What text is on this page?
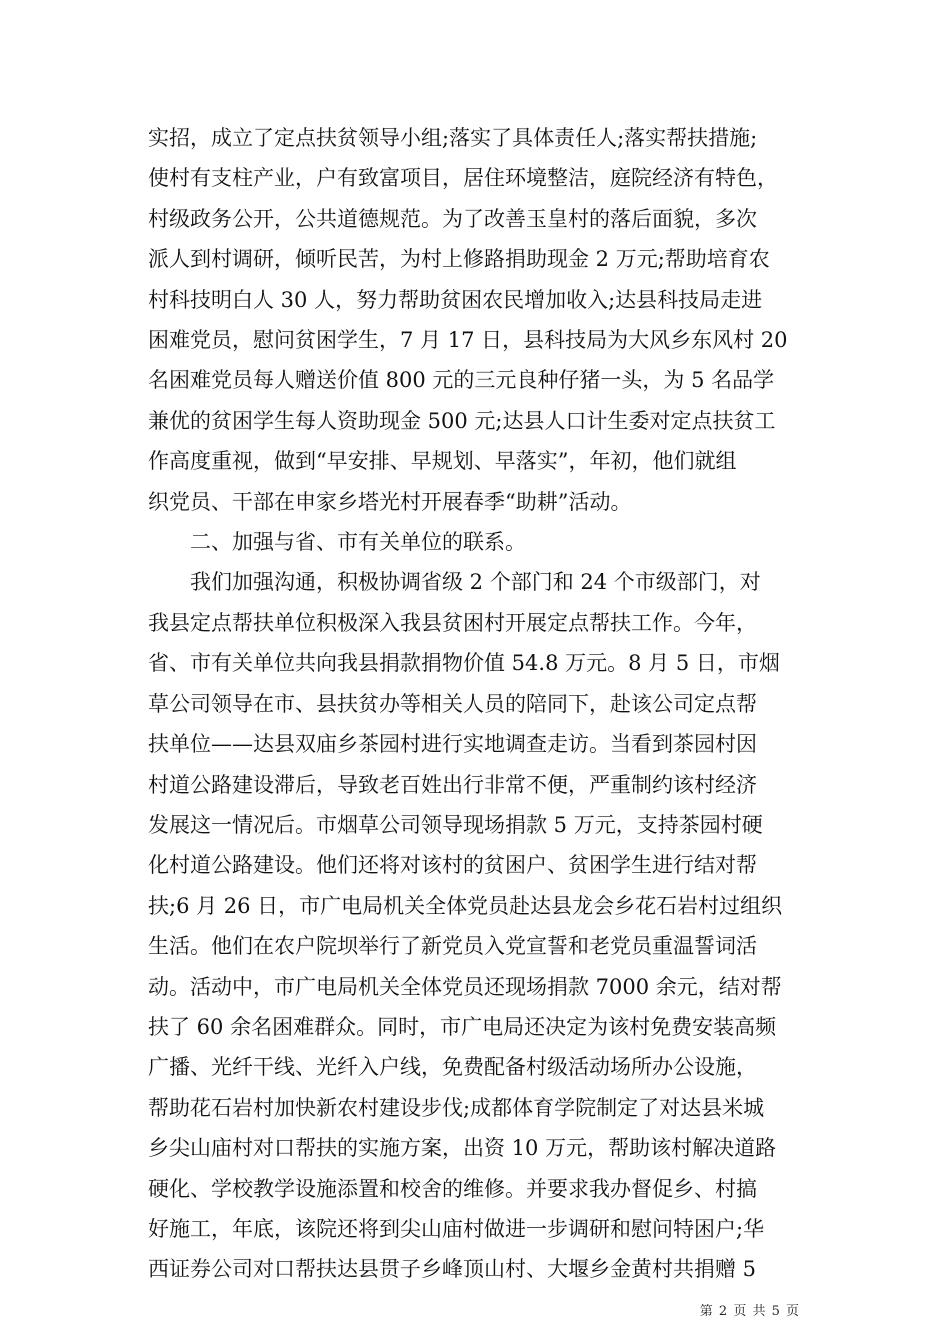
实招，成立了定点扶贫领导小组;落实了具体责任人;落实帮扶措施;
使村有支柱产业，户有致富项目，居住环境整洁，庭院经济有特色，
村级政务公开，公共道德规范。为了改善玉皇村的落后面貌，多次
派人到村调研，倾听民苦，为村上修路捐助现金 2 万元;帮助培育农
村科技明白人 30 人，努力帮助贫困农民增加收入;达县科技局走进
困难党员，慰问贫困学生，7 月 17 日，县科技局为大风乡东风村 20
名困难党员每人赠送价值 800 元的三元良种仔猪一头，为 5 名品学
兼优的贫困学生每人资助现金 500 元;达县人口计生委对定点扶贫工
作高度重视，做到“早安排、早规划、早落实”，年初，他们就组
织党员、干部在申家乡塔光村开展春季“助耕”活动。
　　二、加强与省、市有关单位的联系。
　　我们加强沟通，积极协调省级 2 个部门和 24 个市级部门，对
我县定点帮扶单位积极深入我县贫困村开展定点帮扶工作。今年，
省、市有关单位共向我县捐款捐物价值 54.8 万元。8 月 5 日，市烟
草公司领导在市、县扶贫办等相关人员的陪同下，赴该公司定点帮
扶单位——达县双庙乡茶园村进行实地调查走访。当看到茶园村因
村道公路建设滞后，导致老百姓出行非常不便，严重制约该村经济
发展这一情况后。市烟草公司领导现场捐款 5 万元，支持茶园村硬
化村道公路建设。他们还将对该村的贫困户、贫困学生进行结对帮
扶;6 月 26 日，市广电局机关全体党员赴达县龙会乡花石岩村过组织
生活。他们在农户院坝举行了新党员入党宣誓和老党员重温誓词活
动。活动中，市广电局机关全体党员还现场捐款 7000 余元，结对帮
扶了 60 余名困难群众。同时，市广电局还决定为该村免费安装高频
广播、光纤干线、光纤入户线，免费配备村级活动场所办公设施，
帮助花石岩村加快新农村建设步伐;成都体育学院制定了对达县米城
乡尖山庙村对口帮扶的实施方案，出资 10 万元，帮助该村解决道路
硬化、学校教学设施添置和校舍的维修。并要求我办督促乡、村搞
好施工，年底，该院还将到尖山庙村做进一步调研和慰问特困户;华
西证券公司对口帮扶达县贯子乡峰顶山村、大堰乡金黄村共捐赠 5
第 2 页 共 5 页
